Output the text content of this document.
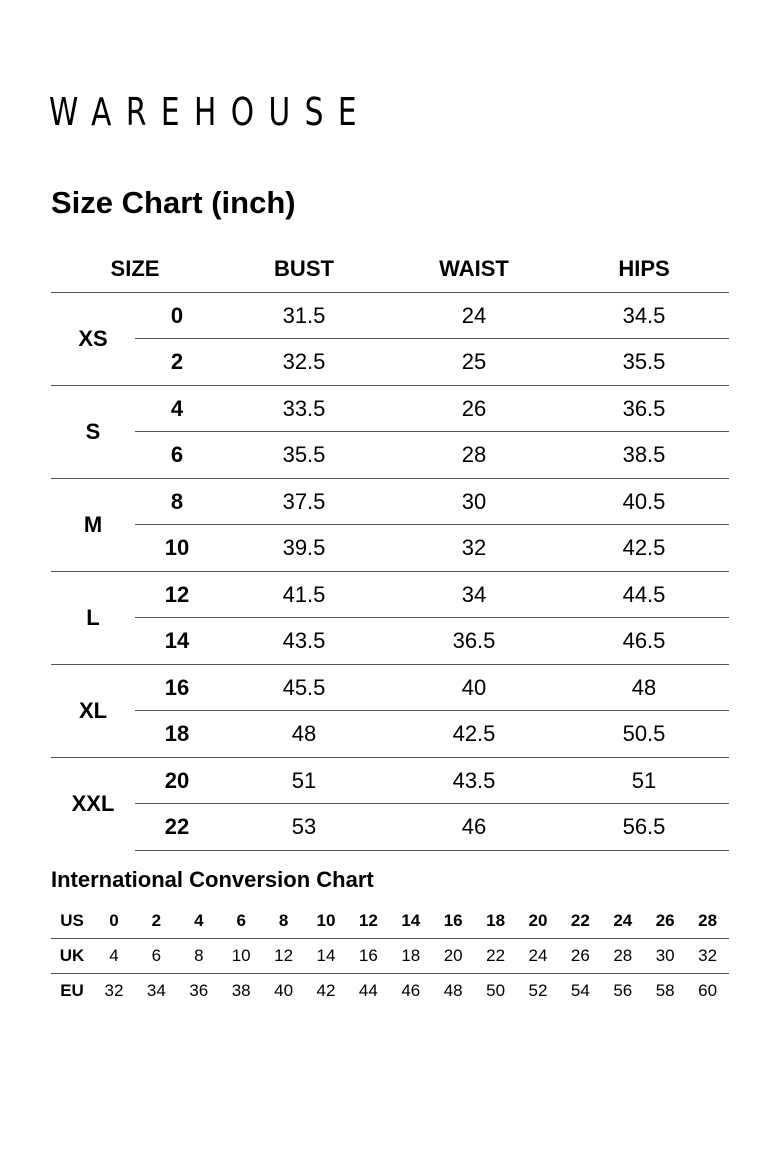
WAREHOUSE
Size Chart (inch)
SIZE	BUST	WAIST	HIPS
XS
0	31.5	24	34.5
2	32.5	25	35.5
S
4	33.5	26	36.5
6	35.5	28	38.5
M
8	37.5	30	40.5
10	39.5	32	42.5
L
12	41.5	34	44.5
14	43.5	36.5	46.5
XL
16	45.5	40	48
18	48	42.5	50.5
XXL
20	51	43.5	51
22	53	46	56.5
International Conversion Chart
US	0	2	4	6	8	10	12	14	16	18	20	22	24	26	28
UK	4	6	8	10	12	14	16	18	20	22	24	26	28	30	32
EU	32	34	36	38	40	42	44	46	48	50	52	54	56	58	60
